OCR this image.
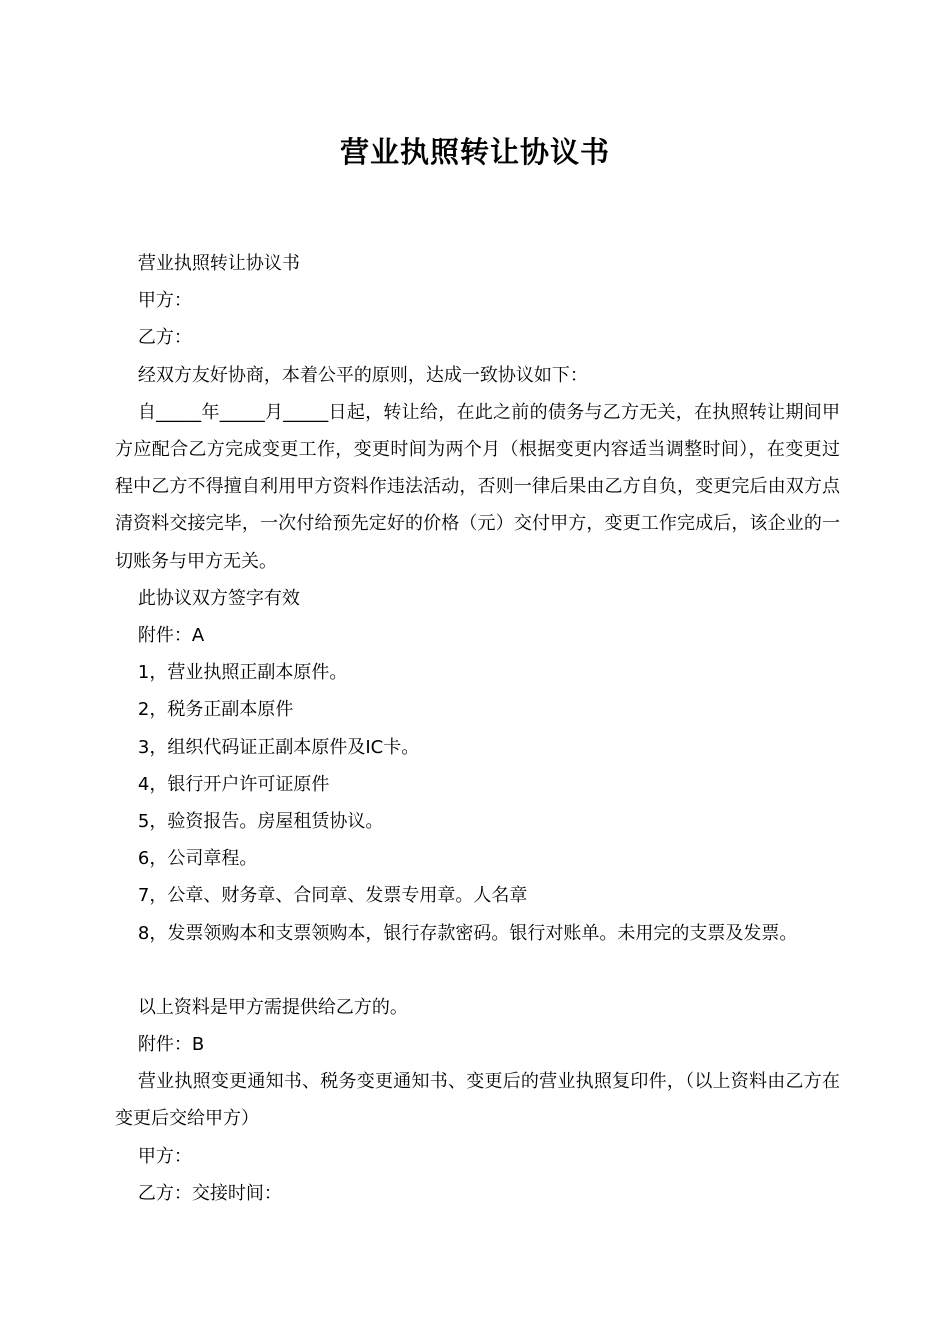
营业执照转让协议书

营业执照转让协议书

甲方：

乙方：

经双方友好协商，本着公平的原则，达成一致协议如下：

自_____年_____月_____日起，转让给，在此之前的债务与乙方无关，在执照转让期间甲方应配合乙方完成变更工作，变更时间为两个月（根据变更内容适当调整时间），在变更过程中乙方不得擅自利用甲方资料作违法活动，否则一律后果由乙方自负，变更完后由双方点清资料交接完毕，一次付给预先定好的价格（元）交付甲方，变更工作完成后，该企业的一切账务与甲方无关。

此协议双方签字有效

附件：A

1，营业执照正副本原件。

2，税务正副本原件

3，组织代码证正副本原件及IC卡。

4，银行开户许可证原件

5，验资报告。房屋租赁协议。

6，公司章程。

7，公章、财务章、合同章、发票专用章。人名章

8，发票领购本和支票领购本，银行存款密码。银行对账单。未用完的支票及发票。

以上资料是甲方需提供给乙方的。

附件：B

营业执照变更通知书、税务变更通知书、变更后的营业执照复印件，（以上资料由乙方在变更后交给甲方）

甲方：

乙方：交接时间：
